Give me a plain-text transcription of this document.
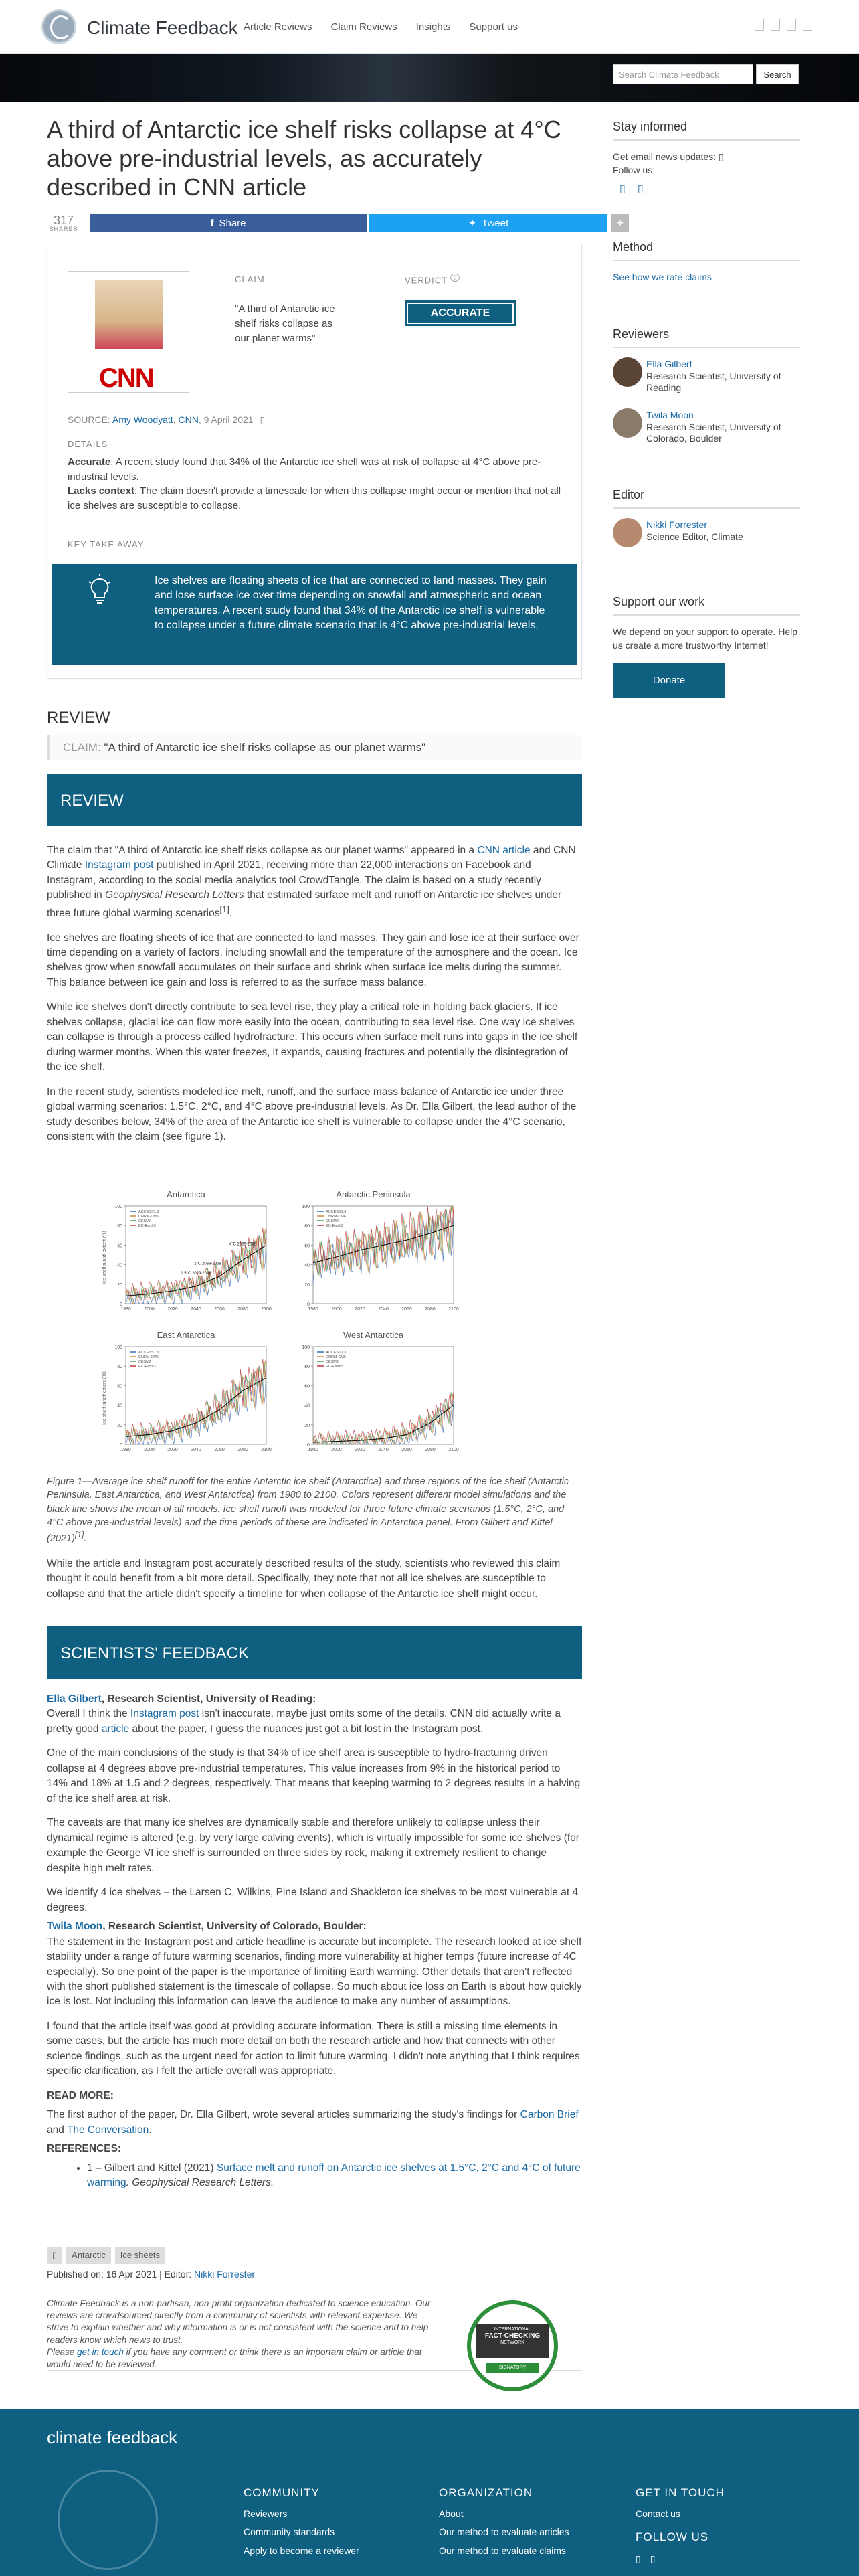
Climate Feedback Article Reviews Claim Reviews Insights Support us
Search Climate Feedback	Search
A third of Antarctic ice shelf risks collapse at 4°C above pre-industrial levels, as accurately described in CNN article
317
SHARES	f Share	✦ Tweet	+
CNN
CLAIM
"A third of Antarctic ice shelf risks collapse as our planet warms"
VERDICT ?
ACCURATE
SOURCE: Amy Woodyatt, CNN, 9 April 2021 ▯
DETAILS

Accurate: A recent study found that 34% of the Antarctic ice shelf was at risk of collapse at 4°C above pre-industrial levels.

Lacks context: The claim doesn't provide a timescale for when this collapse might occur or mention that not all ice shelves are susceptible to collapse.

KEY TAKE AWAY
Ice shelves are floating sheets of ice that are connected to land masses. They gain and lose surface ice over time depending on snowfall and atmospheric and ocean temperatures. A recent study found that 34% of the Antarctic ice shelf is vulnerable to collapse under a future climate scenario that is 4°C above pre-industrial levels.
Stay informed
Get email news updates: ▯
Follow us:
▯ ▯
Method
See how we rate claims
Reviewers
Ella Gilbert
Research Scientist, University of Reading
Twila Moon
Research Scientist, University of Colorado, Boulder
Editor
Nikki Forrester
Science Editor, Climate
Support our work
We depend on your support to operate. Help us create a more trustworthy Internet!
Donate
REVIEW
CLAIM: "A third of Antarctic ice shelf risks collapse as our planet warms"
REVIEW

The claim that "A third of Antarctic ice shelf risks collapse as our planet warms" appeared in a CNN article and CNN Climate Instagram post published in April 2021, receiving more than 22,000 interactions on Facebook and Instagram, according to the social media analytics tool CrowdTangle. The claim is based on a study recently published in Geophysical Research Letters that estimated surface melt and runoff on Antarctic ice shelves under three future global warming scenarios[1].

Ice shelves are floating sheets of ice that are connected to land masses. They gain and lose ice at their surface over time depending on a variety of factors, including snowfall and the temperature of the atmosphere and the ocean. Ice shelves grow when snowfall accumulates on their surface and shrink when surface ice melts during the summer. This balance between ice gain and loss is referred to as the surface mass balance.

While ice shelves don't directly contribute to sea level rise, they play a critical role in holding back glaciers. If ice shelves collapse, glacial ice can flow more easily into the ocean, contributing to sea level rise. One way ice shelves can collapse is through a process called hydrofracture. This occurs when surface melt runs into gaps in the ice shelf during warmer months. When this water freezes, it expands, causing fractures and potentially the disintegration of the ice shelf.

In the recent study, scientists modeled ice melt, runoff, and the surface mass balance of Antarctic ice under three global warming scenarios: 1.5°C, 2°C, and 4°C above pre-industrial levels. As Dr. Ella Gilbert, the lead author of the study describes below, 34% of the area of the Antarctic ice shelf is vulnerable to collapse under the 4°C scenario, consistent with the claim (see figure 1).

Antarctica
0
20
40
60
80
100
1980	2000	2020	2040	2060	2080	2100
Ice shelf runoff extent (%)
ACCESS1.3
CNRM-CM6
CESM2
EC-Earth3
1.5°C 2029-2048
2°C 2039-2058
4°C 2069-2088
Antarctic Peninsula
0
20
40
60
80
100
1980	2000	2020	2040	2060	2080	2100
ACCESS1.3
CNRM-CM6
CESM2
EC-Earth3
East Antarctica
0
20
40
60
80
100
1980	2000	2020	2040	2060	2080	2100
Ice shelf runoff extent (%)
ACCESS1.3
CNRM-CM6
CESM2
EC-Earth3
West Antarctica
0
20
40
60
80
100
1980	2000	2020	2040	2060	2080	2100
ACCESS1.3
CNRM-CM6
CESM2
EC-Earth3
Figure 1—Average ice shelf runoff for the entire Antarctic ice shelf (Antarctica) and three regions of the ice shelf (Antarctic Peninsula, East Antarctica, and West Antarctica) from 1980 to 2100. Colors represent different model simulations and the black line shows the mean of all models. Ice shelf runoff was modeled for three future climate scenarios (1.5°C, 2°C, and 4°C above pre-industrial levels) and the time periods of these are indicated in Antarctica panel. From Gilbert and Kittel (2021)[1].

While the article and Instagram post accurately described results of the study, scientists who reviewed this claim thought it could benefit from a bit more detail. Specifically, they note that not all ice shelves are susceptible to collapse and that the article didn't specify a timeline for when collapse of the Antarctic ice shelf might occur.

SCIENTISTS' FEEDBACK

Ella Gilbert, Research Scientist, University of Reading:

Overall I think the Instagram post isn't inaccurate, maybe just omits some of the details. CNN did actually write a pretty good article about the paper, I guess the nuances just got a bit lost in the Instagram post.

One of the main conclusions of the study is that 34% of ice shelf area is susceptible to hydro-fracturing driven collapse at 4 degrees above pre-industrial temperatures. This value increases from 9% in the historical period to 14% and 18% at 1.5 and 2 degrees, respectively. That means that keeping warming to 2 degrees results in a halving of the ice shelf area at risk.

The caveats are that many ice shelves are dynamically stable and therefore unlikely to collapse unless their dynamical regime is altered (e.g. by very large calving events), which is virtually impossible for some ice shelves (for example the George VI ice shelf is surrounded on three sides by rock, making it extremely resilient to change despite high melt rates.

We identify 4 ice shelves – the Larsen C, Wilkins, Pine Island and Shackleton ice shelves to be most vulnerable at 4 degrees.

Twila Moon, Research Scientist, University of Colorado, Boulder:

The statement in the Instagram post and article headline is accurate but incomplete. The research looked at ice shelf stability under a range of future warming scenarios, finding more vulnerability at higher temps (future increase of 4C especially). So one point of the paper is the importance of limiting Earth warming. Other details that aren't reflected with the short published statement is the timescale of collapse. So much about ice loss on Earth is about how quickly ice is lost. Not including this information can leave the audience to make any number of assumptions.

I found that the article itself was good at providing accurate information. There is still a missing time elements in some cases, but the article has much more detail on both the research article and how that connects with other science findings, such as the urgent need for action to limit future warming. I didn't note anything that I think requires specific clarification, as I felt the article overall was appropriate.

READ MORE:

The first author of the paper, Dr. Ella Gilbert, wrote several articles summarizing the study's findings for Carbon Brief and The Conversation.

REFERENCES:

• 1 – Gilbert and Kittel (2021) Surface melt and runoff on Antarctic ice shelves at 1.5°C, 2°C and 4°C of future warming. Geophysical Research Letters.
▯	Antarctic	Ice sheets
Published on: 16 Apr 2021 | Editor: Nikki Forrester
Climate Feedback is a non-partisan, non-profit organization dedicated to science education. Our reviews are crowdsourced directly from a community of scientists with relevant expertise. We strive to explain whether and why information is or is not consistent with the science and to help readers know which news to trust.
Please get in touch if you have any comment or think there is an important claim or article that would need to be reviewed.
INTERNATIONAL
FACT-CHECKING
NETWORK
SIGNATORY
climate feedback
COMMUNITY
Reviewers
Community standards
Apply to become a reviewer
ORGANIZATION
About
Our method to evaluate articles
Our method to evaluate claims
GET IN TOUCH
Contact us
FOLLOW US
▯ ▯
